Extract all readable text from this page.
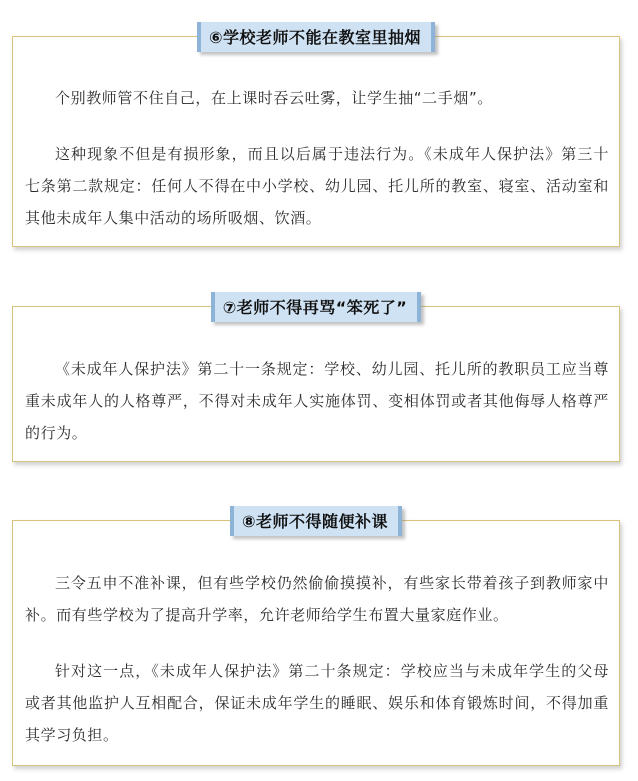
⑥学校老师不能在教室里抽烟

个别教师管不住自己，在上课时吞云吐雾，让学生抽“二手烟”。

这种现象不但是有损形象，而且以后属于违法行为。《未成年人保护法》第三十七条第二款规定：任何人不得在中小学校、幼儿园、托儿所的教室、寝室、活动室和其他未成年人集中活动的场所吸烟、饮酒。

⑦老师不得再骂“笨死了”

《未成年人保护法》第二十一条规定：学校、幼儿园、托儿所的教职员工应当尊重未成年人的人格尊严，不得对未成年人实施体罚、变相体罚或者其他侮辱人格尊严的行为。

⑧老师不得随便补课

三令五申不准补课，但有些学校仍然偷偷摸摸补，有些家长带着孩子到教师家中补。而有些学校为了提高升学率，允许老师给学生布置大量家庭作业。

针对这一点，《未成年人保护法》第二十条规定：学校应当与未成年学生的父母或者其他监护人互相配合，保证未成年学生的睡眠、娱乐和体育锻炼时间，不得加重其学习负担。
